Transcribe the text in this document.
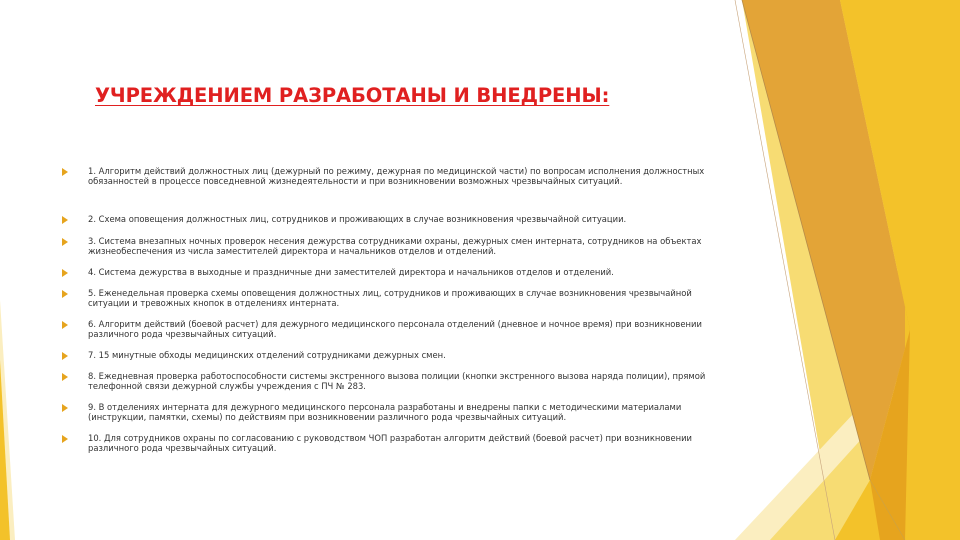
УЧРЕЖДЕНИЕМ РАЗРАБОТАНЫ И ВНЕДРЕНЫ:
1. Алгоритм действий должностных лиц (дежурный по режиму, дежурная по медицинской части) по вопросам исполнения должностных обязанностей в процессе повседневной жизнедеятельности и при возникновении возможных чрезвычайных ситуаций.
2. Схема оповещения должностных лиц, сотрудников и проживающих в случае возникновения чрезвычайной ситуации.
3. Система внезапных ночных проверок несения дежурства сотрудниками охраны, дежурных смен интерната, сотрудников на объектах жизнеобеспечения из числа заместителей директора и начальников отделов и отделений.
4. Система дежурства в выходные и праздничные дни заместителей директора и начальников отделов и отделений.
5. Еженедельная проверка схемы оповещения должностных лиц, сотрудников и проживающих в случае возникновения чрезвычайной ситуации и тревожных кнопок в отделениях интерната.
6. Алгоритм действий (боевой расчет) для дежурного медицинского персонала отделений (дневное и ночное время) при возникновении различного рода чрезвычайных ситуаций.
7. 15 минутные обходы медицинских отделений сотрудниками дежурных смен.
8. Ежедневная проверка работоспособности системы экстренного вызова полиции (кнопки экстренного вызова наряда полиции), прямой телефонной связи дежурной службы учреждения с ПЧ № 283.
9. В отделениях интерната для дежурного медицинского персонала разработаны и внедрены папки с методическими материалами (инструкции, памятки, схемы) по действиям при возникновении различного рода чрезвычайных ситуаций.
10. Для сотрудников охраны по согласованию с руководством ЧОП разработан алгоритм действий (боевой расчет) при возникновении различного рода чрезвычайных ситуаций.
